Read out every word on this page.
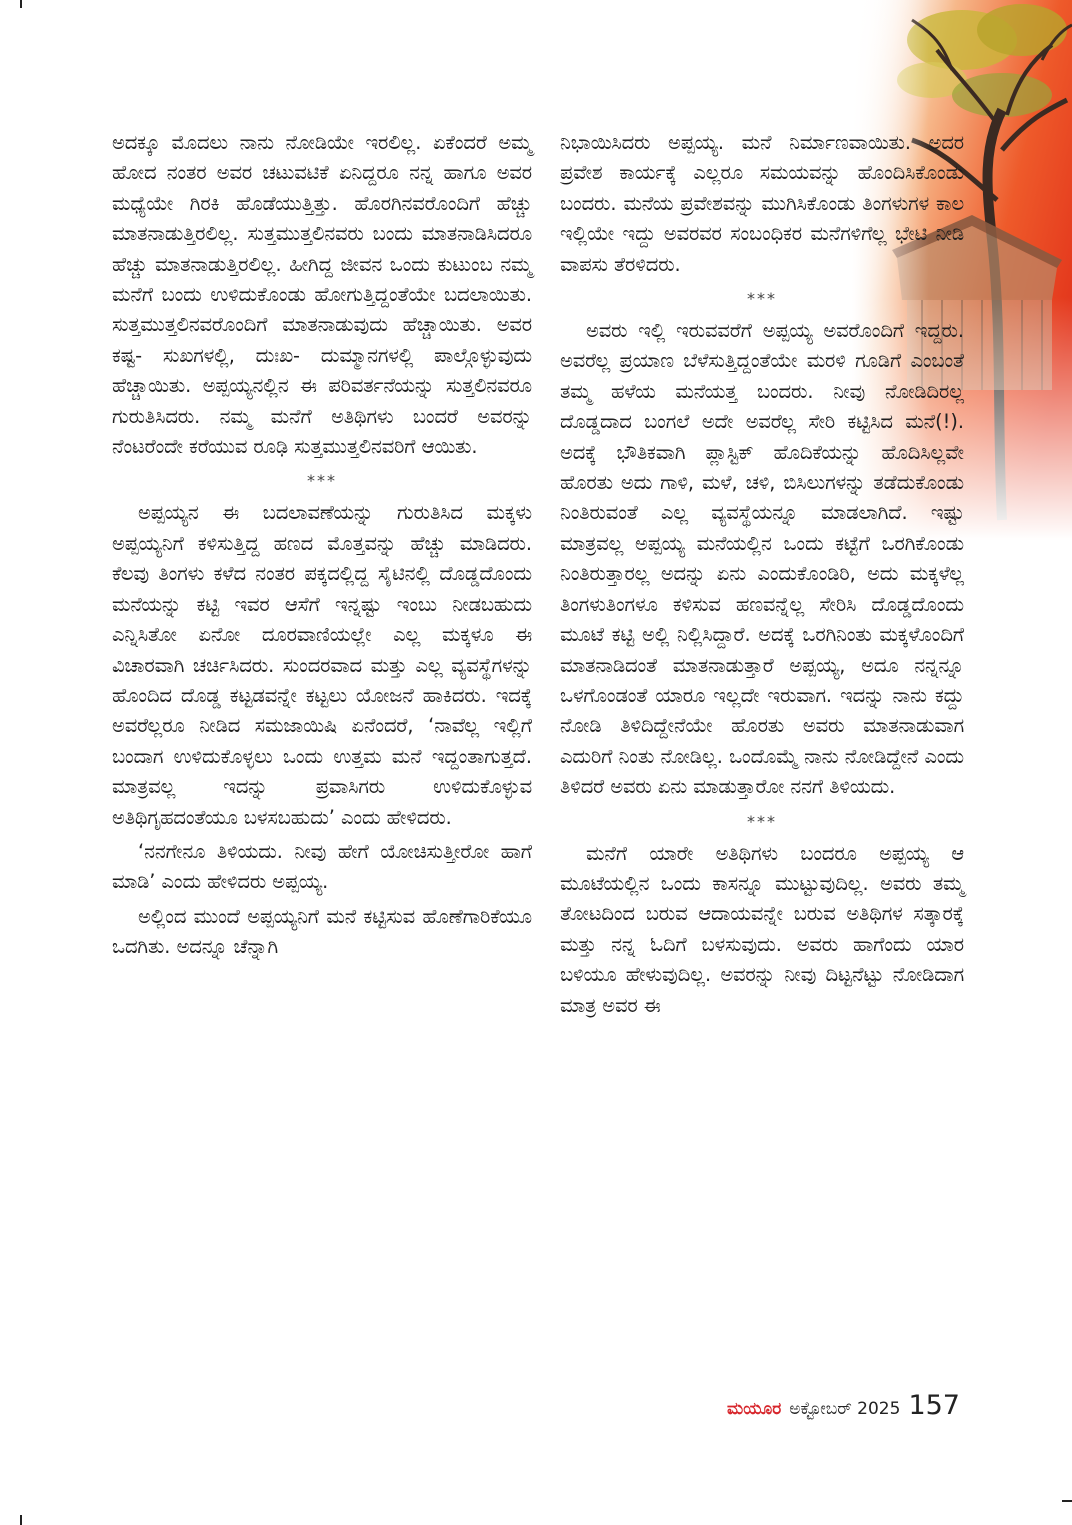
ಅದಕ್ಕೂ ಮೊದಲು ನಾನು ನೋಡಿಯೇ ಇರಲಿಲ್ಲ. ಏಕೆಂದರೆ ಅಮ್ಮ ಹೋದ ನಂತರ ಅವರ ಚಟುವಟಿಕೆ ಏನಿದ್ದರೂ ನನ್ನ ಹಾಗೂ ಅವರ ಮಧ್ಯೆಯೇ ಗಿರಕಿ ಹೊಡೆಯುತ್ತಿತ್ತು. ಹೊರಗಿನವರೊಂದಿಗೆ ಹೆಚ್ಚು ಮಾತನಾಡುತ್ತಿರಲಿಲ್ಲ. ಸುತ್ತಮುತ್ತಲಿನವರು ಬಂದು ಮಾತನಾಡಿಸಿದರೂ ಹೆಚ್ಚು ಮಾತನಾಡುತ್ತಿರಲಿಲ್ಲ. ಹೀಗಿದ್ದ ಜೀವನ ಒಂದು ಕುಟುಂಬ ನಮ್ಮ ಮನೆಗೆ ಬಂದು ಉಳಿದುಕೊಂಡು ಹೋಗುತ್ತಿದ್ದಂತೆಯೇ ಬದಲಾಯಿತು. ಸುತ್ತಮುತ್ತಲಿನವರೊಂದಿಗೆ ಮಾತನಾಡುವುದು ಹೆಚ್ಚಾಯಿತು. ಅವರ ಕಷ್ಟ- ಸುಖಗಳಲ್ಲಿ, ದುಃಖ- ದುಮ್ಮಾನಗಳಲ್ಲಿ ಪಾಲ್ಗೊಳ್ಳುವುದು ಹೆಚ್ಚಾಯಿತು. ಅಪ್ಪಯ್ಯನಲ್ಲಿನ ಈ ಪರಿವರ್ತನೆಯನ್ನು ಸುತ್ತಲಿನವರೂ ಗುರುತಿಸಿದರು. ನಮ್ಮ ಮನೆಗೆ ಅತಿಥಿಗಳು ಬಂದರೆ ಅವರನ್ನು ನೆಂಟರೆಂದೇ ಕರೆಯುವ ರೂಢಿ ಸುತ್ತಮುತ್ತಲಿನವರಿಗೆ ಆಯಿತು.

***

ಅಪ್ಪಯ್ಯನ ಈ ಬದಲಾವಣೆಯನ್ನು ಗುರುತಿಸಿದ ಮಕ್ಕಳು ಅಪ್ಪಯ್ಯನಿಗೆ ಕಳಿಸುತ್ತಿದ್ದ ಹಣದ ಮೊತ್ತವನ್ನು ಹೆಚ್ಚು ಮಾಡಿದರು. ಕೆಲವು ತಿಂಗಳು ಕಳೆದ ನಂತರ ಪಕ್ಕದಲ್ಲಿದ್ದ ಸೈಟಿನಲ್ಲಿ ದೊಡ್ಡದೊಂದು ಮನೆಯನ್ನು ಕಟ್ಟಿ ಇವರ ಆಸೆಗೆ ಇನ್ನಷ್ಟು ಇಂಬು ನೀಡಬಹುದು ಎನ್ನಿಸಿತೋ ಏನೋ ದೂರವಾಣಿಯಲ್ಲೇ ಎಲ್ಲ ಮಕ್ಕಳೂ ಈ ವಿಚಾರವಾಗಿ ಚರ್ಚಿಸಿದರು. ಸುಂದರವಾದ ಮತ್ತು ಎಲ್ಲ ವ್ಯವಸ್ಥೆಗಳನ್ನು ಹೊಂದಿದ ದೊಡ್ಡ ಕಟ್ಟಡವನ್ನೇ ಕಟ್ಟಲು ಯೋಜನೆ ಹಾಕಿದರು. ಇದಕ್ಕೆ ಅವರೆಲ್ಲರೂ ನೀಡಿದ ಸಮಜಾಯಿಷಿ ಏನೆಂದರೆ, ‘ನಾವೆಲ್ಲ ಇಲ್ಲಿಗೆ ಬಂದಾಗ ಉಳಿದುಕೊಳ್ಳಲು ಒಂದು ಉತ್ತಮ ಮನೆ ಇದ್ದಂತಾಗುತ್ತದೆ. ಮಾತ್ರವಲ್ಲ ಇದನ್ನು ಪ್ರವಾಸಿಗರು ಉಳಿದುಕೊಳ್ಳುವ ಅತಿಥಿಗೃಹದಂತೆಯೂ ಬಳಸಬಹುದು’ ಎಂದು ಹೇಳಿದರು.

‘ನನಗೇನೂ ತಿಳಿಯದು. ನೀವು ಹೇಗೆ ಯೋಚಿಸುತ್ತೀರೋ ಹಾಗೆ ಮಾಡಿ’ ಎಂದು ಹೇಳಿದರು ಅಪ್ಪಯ್ಯ.

ಅಲ್ಲಿಂದ ಮುಂದೆ ಅಪ್ಪಯ್ಯನಿಗೆ ಮನೆ ಕಟ್ಟಿಸುವ ಹೊಣೆಗಾರಿಕೆಯೂ ಒದಗಿತು. ಅದನ್ನೂ ಚೆನ್ನಾಗಿ

ನಿಭಾಯಿಸಿದರು ಅಪ್ಪಯ್ಯ. ಮನೆ ನಿರ್ಮಾಣವಾಯಿತು. ಅದರ ಪ್ರವೇಶ ಕಾರ್ಯಕ್ಕೆ ಎಲ್ಲರೂ ಸಮಯವನ್ನು ಹೊಂದಿಸಿಕೊಂಡು ಬಂದರು. ಮನೆಯ ಪ್ರವೇಶವನ್ನು ಮುಗಿಸಿಕೊಂಡು ತಿಂಗಳುಗಳ ಕಾಲ ಇಲ್ಲಿಯೇ ಇದ್ದು ಅವರವರ ಸಂಬಂಧಿಕರ ಮನೆಗಳಿಗೆಲ್ಲ ಭೇಟಿ ನೀಡಿ ವಾಪಸು ತೆರಳಿದರು.

***

ಅವರು ಇಲ್ಲಿ ಇರುವವರೆಗೆ ಅಪ್ಪಯ್ಯ ಅವರೊಂದಿಗೆ ಇದ್ದರು. ಅವರೆಲ್ಲ ಪ್ರಯಾಣ ಬೆಳೆಸುತ್ತಿದ್ದಂತೆಯೇ ಮರಳಿ ಗೂಡಿಗೆ ಎಂಬಂತೆ ತಮ್ಮ ಹಳೆಯ ಮನೆಯತ್ತ ಬಂದರು. ನೀವು ನೋಡಿದಿರಲ್ಲ ದೊಡ್ಡದಾದ ಬಂಗಲೆ ಅದೇ ಅವರೆಲ್ಲ ಸೇರಿ ಕಟ್ಟಿಸಿದ ಮನೆ(!). ಅದಕ್ಕೆ ಭೌತಿಕವಾಗಿ ಪ್ಲಾಸ್ಟಿಕ್ ಹೊದಿಕೆಯನ್ನು ಹೊದಿಸಿಲ್ಲವೇ ಹೊರತು ಅದು ಗಾಳಿ, ಮಳೆ, ಚಳಿ, ಬಿಸಿಲುಗಳನ್ನು ತಡೆದುಕೊಂಡು ನಿಂತಿರುವಂತೆ ಎಲ್ಲ ವ್ಯವಸ್ಥೆಯನ್ನೂ ಮಾಡಲಾಗಿದೆ. ಇಷ್ಟು ಮಾತ್ರವಲ್ಲ ಅಪ್ಪಯ್ಯ ಮನೆಯಲ್ಲಿನ ಒಂದು ಕಟ್ಟೆಗೆ ಒರಗಿಕೊಂಡು ನಿಂತಿರುತ್ತಾರಲ್ಲ ಅದನ್ನು ಏನು ಎಂದುಕೊಂಡಿರಿ, ಅದು ಮಕ್ಕಳೆಲ್ಲ ತಿಂಗಳುತಿಂಗಳೂ ಕಳಿಸುವ ಹಣವನ್ನೆಲ್ಲ ಸೇರಿಸಿ ದೊಡ್ಡದೊಂದು ಮೂಟೆ ಕಟ್ಟಿ ಅಲ್ಲಿ ನಿಲ್ಲಿಸಿದ್ದಾರೆ. ಅದಕ್ಕೆ ಒರಗಿನಿಂತು ಮಕ್ಕಳೊಂದಿಗೆ ಮಾತನಾಡಿದಂತೆ ಮಾತನಾಡುತ್ತಾರೆ ಅಪ್ಪಯ್ಯ, ಅದೂ ನನ್ನನ್ನೂ ಒಳಗೊಂಡಂತೆ ಯಾರೂ ಇಲ್ಲದೇ ಇರುವಾಗ. ಇದನ್ನು ನಾನು ಕದ್ದು ನೋಡಿ ತಿಳಿದಿದ್ದೇನೆಯೇ ಹೊರತು ಅವರು ಮಾತನಾಡುವಾಗ ಎದುರಿಗೆ ನಿಂತು ನೋಡಿಲ್ಲ. ಒಂದೊಮ್ಮೆ ನಾನು ನೋಡಿದ್ದೇನೆ ಎಂದು ತಿಳಿದರೆ ಅವರು ಏನು ಮಾಡುತ್ತಾರೋ ನನಗೆ ತಿಳಿಯದು.

***

ಮನೆಗೆ ಯಾರೇ ಅತಿಥಿಗಳು ಬಂದರೂ ಅಪ್ಪಯ್ಯ ಆ ಮೂಟೆಯಲ್ಲಿನ ಒಂದು ಕಾಸನ್ನೂ ಮುಟ್ಟುವುದಿಲ್ಲ. ಅವರು ತಮ್ಮ ತೋಟದಿಂದ ಬರುವ ಆದಾಯವನ್ನೇ ಬರುವ ಅತಿಥಿಗಳ ಸತ್ಕಾರಕ್ಕೆ ಮತ್ತು ನನ್ನ ಓದಿಗೆ ಬಳಸುವುದು. ಅವರು ಹಾಗೆಂದು ಯಾರ ಬಳಿಯೂ ಹೇಳುವುದಿಲ್ಲ. ಅವರನ್ನು ನೀವು ದಿಟ್ಟನೆಟ್ಟು ನೋಡಿದಾಗ ಮಾತ್ರ ಅವರ ಈ

ಮಯೂರ ಅಕ್ಟೋಬರ್ 2025 157
